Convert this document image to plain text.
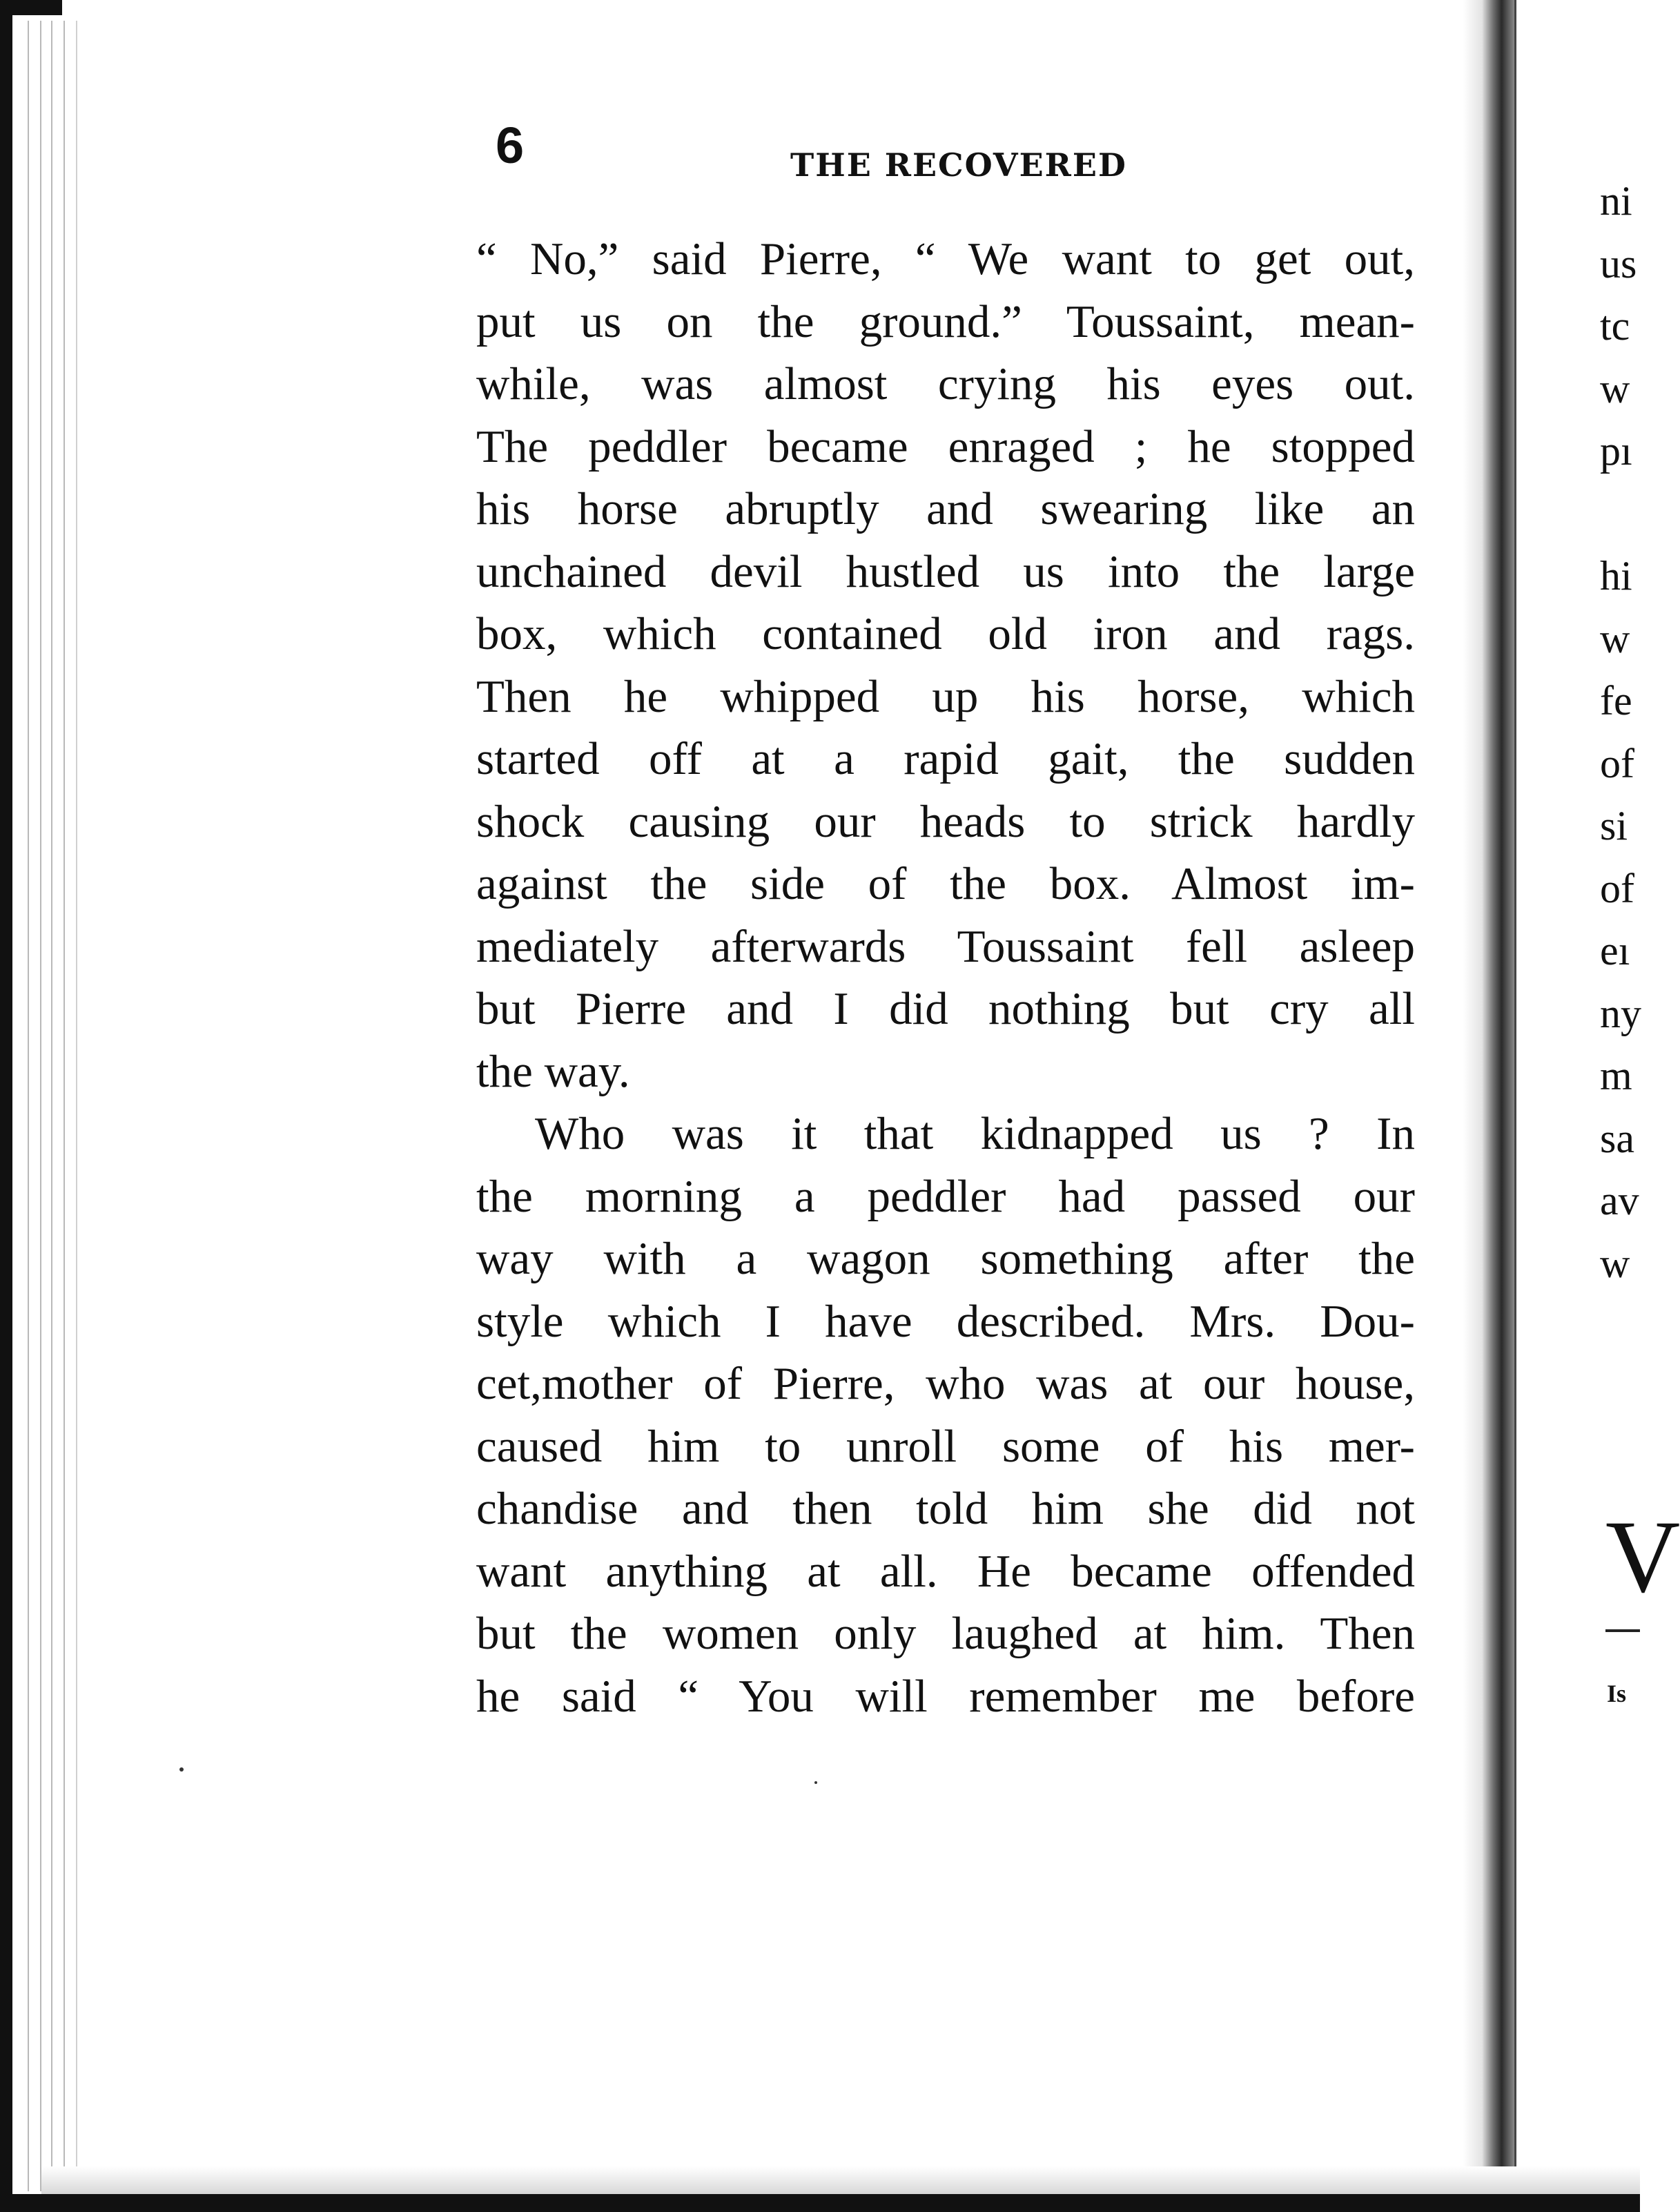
6	THE RECOVERED
“ No,” said Pierre, “ We want to get out,
put us on the ground.” Toussaint, mean-
while, was almost crying his eyes out.
The peddler became enraged ; he stopped
his horse abruptly and swearing like an
unchained devil hustled us into the large
box, which contained old iron and rags.
Then he whipped up his horse, which
started off at a rapid gait, the sudden
shock causing our heads to strick hardly
against the side of the box. Almost im-
mediately afterwards Toussaint fell asleep
but Pierre and I did nothing but cry all
the way.
Who was it that kidnapped us ? In
the morning a peddler had passed our
way with a wagon something after the
style which I have described. Mrs. Dou-
cet,mother of Pierre, who was at our house,
caused him to unroll some of his mer-
chandise and then told him she did not
want anything at all. He became offended
but the women only laughed at him. Then
he said “ You will remember me before
ni
us
tc
w
pı
hi
w
fe
of
si
of
eı
ny
m
sa
av
w
V
Is
